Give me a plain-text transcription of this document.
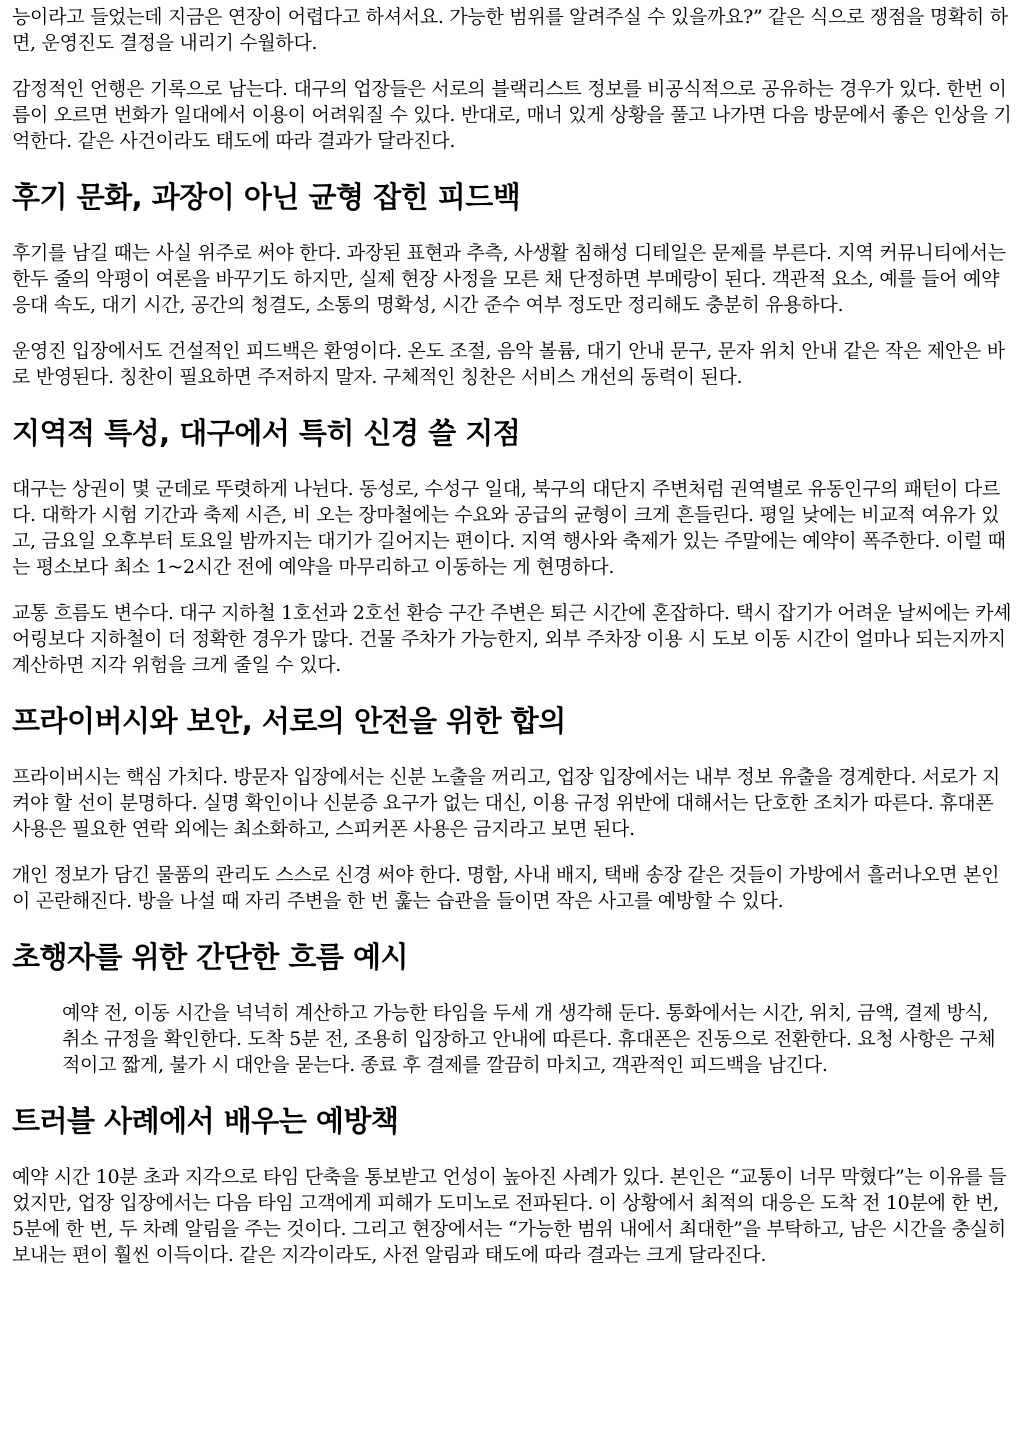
능이라고 들었는데 지금은 연장이 어렵다고 하셔서요. 가능한 범위를 알려주실 수 있을까요?” 같은 식으로 쟁점을 명확히 하면, 운영진도 결정을 내리기 수월하다.

감정적인 언행은 기록으로 남는다. 대구의 업장들은 서로의 블랙리스트 정보를 비공식적으로 공유하는 경우가 있다. 한번 이름이 오르면 번화가 일대에서 이용이 어려워질 수 있다. 반대로, 매너 있게 상황을 풀고 나가면 다음 방문에서 좋은 인상을 기억한다. 같은 사건이라도 태도에 따라 결과가 달라진다.

후기 문화, 과장이 아닌 균형 잡힌 피드백

후기를 남길 때는 사실 위주로 써야 한다. 과장된 표현과 추측, 사생활 침해성 디테일은 문제를 부른다. 지역 커뮤니티에서는 한두 줄의 악평이 여론을 바꾸기도 하지만, 실제 현장 사정을 모른 채 단정하면 부메랑이 된다. 객관적 요소, 예를 들어 예약 응대 속도, 대기 시간, 공간의 청결도, 소통의 명확성, 시간 준수 여부 정도만 정리해도 충분히 유용하다.

운영진 입장에서도 건설적인 피드백은 환영이다. 온도 조절, 음악 볼륨, 대기 안내 문구, 문자 위치 안내 같은 작은 제안은 바로 반영된다. 칭찬이 필요하면 주저하지 말자. 구체적인 칭찬은 서비스 개선의 동력이 된다.

지역적 특성, 대구에서 특히 신경 쓸 지점

대구는 상권이 몇 군데로 뚜렷하게 나뉜다. 동성로, 수성구 일대, 북구의 대단지 주변처럼 권역별로 유동인구의 패턴이 다르다. 대학가 시험 기간과 축제 시즌, 비 오는 장마철에는 수요와 공급의 균형이 크게 흔들린다. 평일 낮에는 비교적 여유가 있고, 금요일 오후부터 토요일 밤까지는 대기가 길어지는 편이다. 지역 행사와 축제가 있는 주말에는 예약이 폭주한다. 이럴 때는 평소보다 최소 1~2시간 전에 예약을 마무리하고 이동하는 게 현명하다.

교통 흐름도 변수다. 대구 지하철 1호선과 2호선 환승 구간 주변은 퇴근 시간에 혼잡하다. 택시 잡기가 어려운 날씨에는 카셰어링보다 지하철이 더 정확한 경우가 많다. 건물 주차가 가능한지, 외부 주차장 이용 시 도보 이동 시간이 얼마나 되는지까지 계산하면 지각 위험을 크게 줄일 수 있다.

프라이버시와 보안, 서로의 안전을 위한 합의

프라이버시는 핵심 가치다. 방문자 입장에서는 신분 노출을 꺼리고, 업장 입장에서는 내부 정보 유출을 경계한다. 서로가 지켜야 할 선이 분명하다. 실명 확인이나 신분증 요구가 없는 대신, 이용 규정 위반에 대해서는 단호한 조치가 따른다. 휴대폰 사용은 필요한 연락 외에는 최소화하고, 스피커폰 사용은 금지라고 보면 된다.

개인 정보가 담긴 물품의 관리도 스스로 신경 써야 한다. 명함, 사내 배지, 택배 송장 같은 것들이 가방에서 흘러나오면 본인이 곤란해진다. 방을 나설 때 자리 주변을 한 번 훑는 습관을 들이면 작은 사고를 예방할 수 있다.

초행자를 위한 간단한 흐름 예시

예약 전, 이동 시간을 넉넉히 계산하고 가능한 타임을 두세 개 생각해 둔다. 통화에서는 시간, 위치, 금액, 결제 방식, 취소 규정을 확인한다. 도착 5분 전, 조용히 입장하고 안내에 따른다. 휴대폰은 진동으로 전환한다. 요청 사항은 구체적이고 짧게, 불가 시 대안을 묻는다. 종료 후 결제를 깔끔히 마치고, 객관적인 피드백을 남긴다.

트러블 사례에서 배우는 예방책

예약 시간 10분 초과 지각으로 타임 단축을 통보받고 언성이 높아진 사례가 있다. 본인은 “교통이 너무 막혔다”는 이유를 들었지만, 업장 입장에서는 다음 타임 고객에게 피해가 도미노로 전파된다. 이 상황에서 최적의 대응은 도착 전 10분에 한 번, 5분에 한 번, 두 차례 알림을 주는 것이다. 그리고 현장에서는 “가능한 범위 내에서 최대한”을 부탁하고, 남은 시간을 충실히 보내는 편이 훨씬 이득이다. 같은 지각이라도, 사전 알림과 태도에 따라 결과는 크게 달라진다.
